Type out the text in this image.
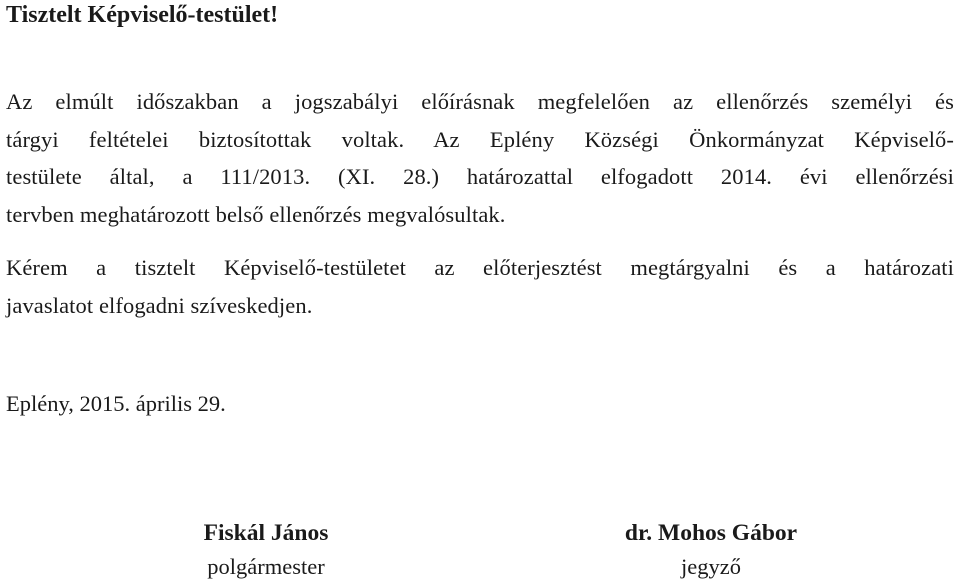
Tisztelt Képviselő-testület!
Az elmúlt időszakban a jogszabályi előírásnak megfelelően az ellenőrzés személyi és
tárgyi feltételei biztosítottak voltak. Az Eplény Községi Önkormányzat Képviselő-
testülete által, a 111/2013. (XI. 28.) határozattal elfogadott 2014. évi ellenőrzési
tervben meghatározott belső ellenőrzés megvalósultak.
Kérem a tisztelt Képviselő-testületet az előterjesztést megtárgyalni és a határozati
javaslatot elfogadni szíveskedjen.
Eplény, 2015. április 29.
Fiskál János
polgármester
dr. Mohos Gábor
jegyző
